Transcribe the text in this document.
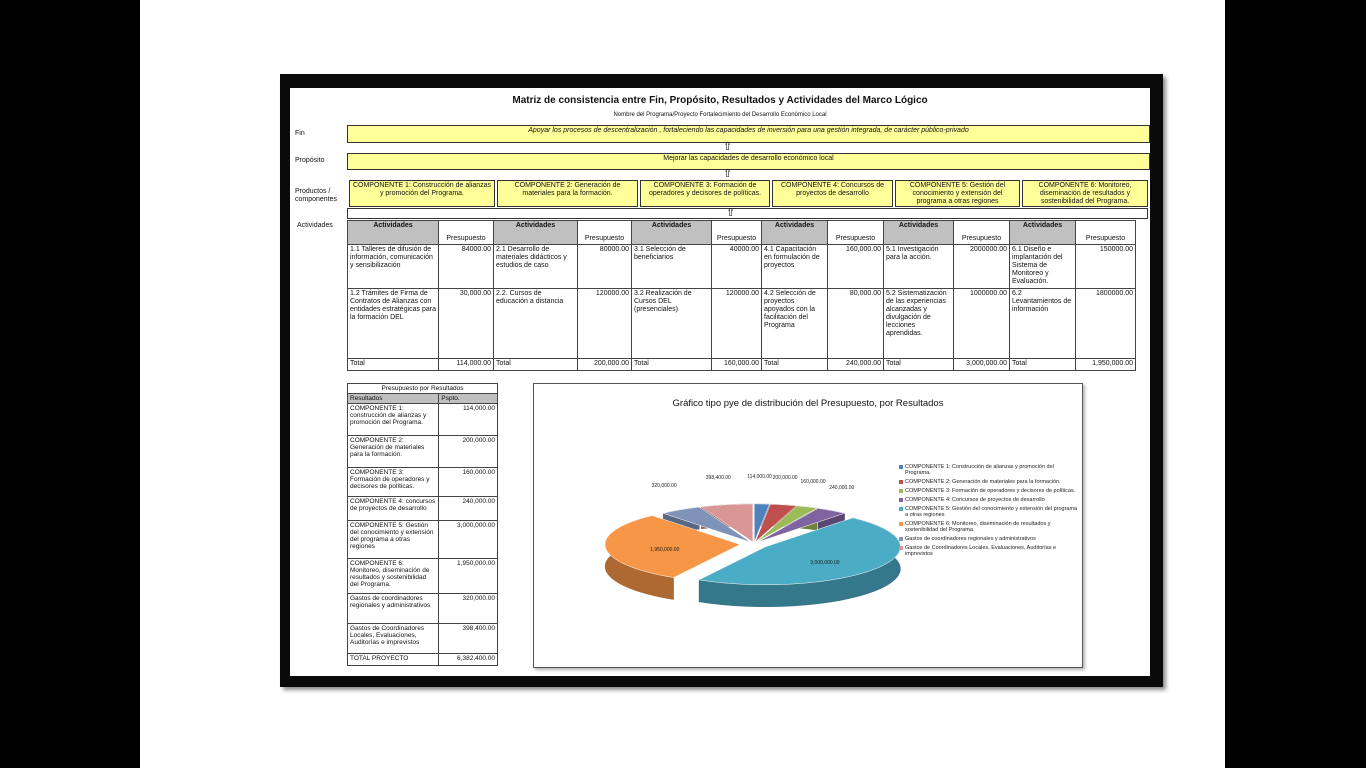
Matriz de consistencia entre Fin, Propósito, Resultados y Actividades del Marco Lógico
Nombre del Programa/Proyecto Fortalecimiento del Desarrollo Económico Local
Fin
Propósito
Productos / componentes
Actividades
Apoyar los procesos de descentralización , fortaleciendo las capacidades de inversión para una gestión integrada, de carácter público-privado
⇧
Mejorar las capacidades de desarrollo económico local
⇧
COMPONENTE 1: Construcción de alianzas y promoción del Programa.
COMPONENTE 2: Generación de materiales para la formación.
COMPONENTE 3: Formación de operadores y decisores de políticas.
COMPONENTE 4: Concursos de proyectos de desarrollo
COMPONENTE 5: Gestión del conocimiento y extensión del programa a otras regiones
COMPONENTE 6: Monitoreo, diseminación de resultados y sostenibilidad del Programa.
⇧
Actividades	Presupuesto	Actividades	Presupuesto	Actividades	Presupuesto	Actividades	Presupuesto	Actividades	Presupuesto	Actividades	Presupuesto
1.1 Talleres de difusión de información, comunicación y sensibilización	84000.00	2.1 Desarrollo de materiales didácticos y estudios de caso	80000.00	3.1 Selección de beneficiarios	40000.00	4.1 Capacitación en formulación de proyectos	160,000.00	5.1 Investigación para la acción.	2000000.00	6.1 Diseño e implantación del Sistema de Monitoreo y Evaluación.	150000.00
1.2 Trámites de Firma de Contratos de Alianzas con entidades estratégicas para la formación DEL	30,000.00	2.2. Cursos de educación a distancia	120000.00	3.2 Realización de Cursos DEL (presenciales)	120000.00	4.2 Selección de proyectos apoyados con la facilitación del Programa	80,000.00	5.2 Sistematización de las experiencias alcanzadas y divulgación de lecciones aprendidas.	1000000.00	6.2 Levantamientos de información	1800000.00
Total	114,000.00	Total	200,000.00	Total	160,000.00	Total	240,000.00	Total	3,000,000.00	Total	1,950,000.00
Presupuesto por Resultados	
Resultados	Pspto.
COMPONENTE 1: construcción de alianzas y promoción del Programa.	114,000.00
COMPONENTE 2: Generación de materiales para la formación.	200,000.00
COMPONENTE 3: Formación de operadores y decisores de políticas.	160,000.00
COMPONENTE 4: concursos de proyectos de desarrollo	240,000.00
COMPONENTE 5: Gestión del conocimiento y extensión del programa a otras regiones	3,000,000.00
COMPONENTE 6: Monitoreo, diseminación de resultados y sostenibilidad del Programa.	1,950,000.00
Gastos de coordinadores regionales y administrativos	320,000.00
Gastos de Coordinadores Locales, Evaluaciones, Auditorías e imprevistos	398,400.00
TOTAL PROYECTO	6,382,400.00
Gráfico tipo pye de distribución del Presupuesto, por Resultados
114,000.00 200,000.00
160,000.00
240,000.00
3,000,000.00
1,950,000.00
320,000.00
398,400.00
COMPONENTE 1: Construcción de alianzas y promoción del Programa.
COMPONENTE 2: Generación de materiales para la formación.
COMPONENTE 3: Formación de operadores y decisores de políticas.
COMPONENTE 4: Concursos de proyectos de desarrollo
COMPONENTE 5: Gestión del conocimiento y extensión del programa a otras regiones
COMPONENTE 6: Monitoreo, diseminación de resultados y sostenibilidad del Programa.
Gastos de coordinadores regionales y administrativos
Gastos de Coordinadores Locales, Evaluaciones, Auditorías e imprevistos
